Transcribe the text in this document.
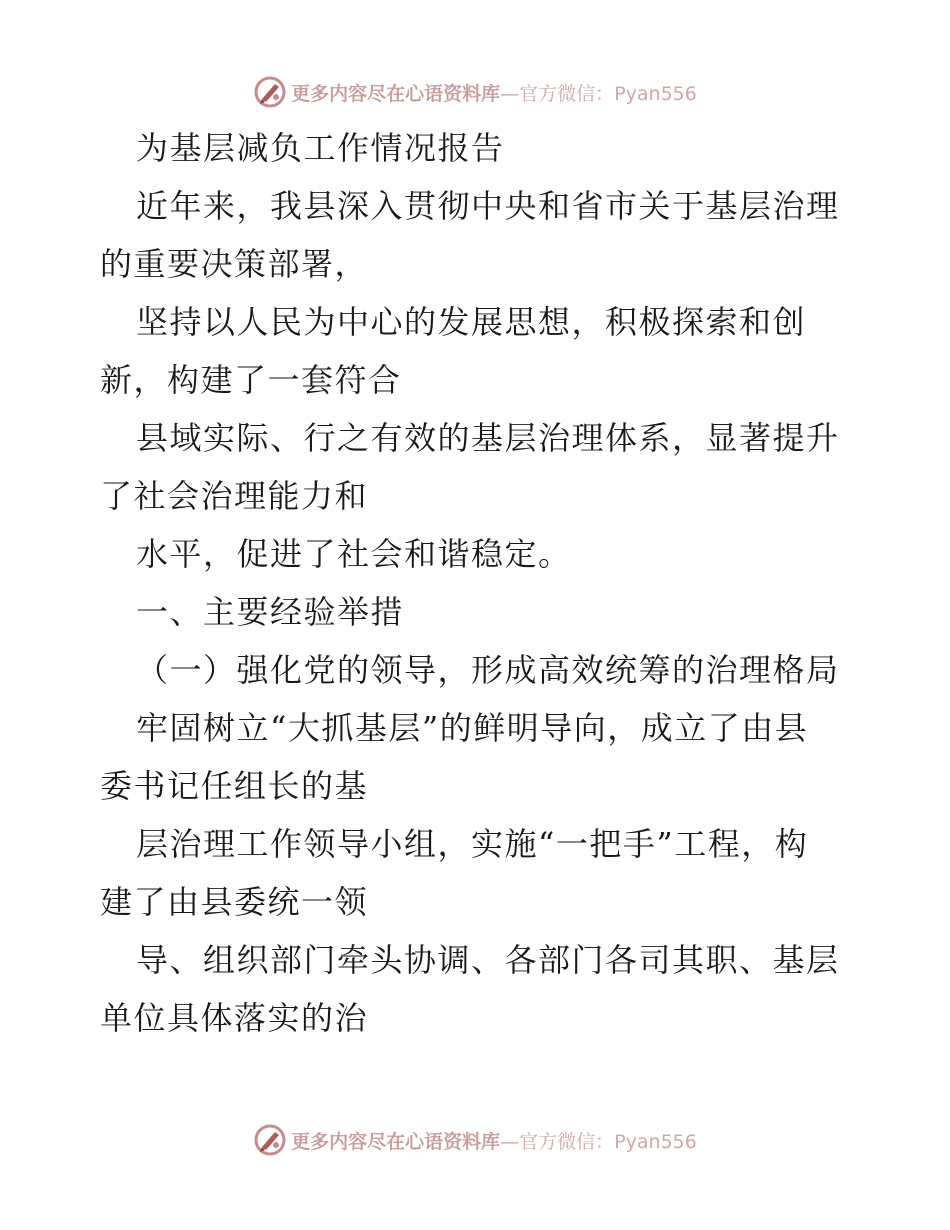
更多内容尽在心语资料库—官方微信：Pyan556
为基层减负工作情况报告
近年来，我县深入贯彻中央和省市关于基层治理
的重要决策部署，
坚持以人民为中心的发展思想，积极探索和创
新，构建了一套符合
县域实际、行之有效的基层治理体系，显著提升
了社会治理能力和
水平，促进了社会和谐稳定。
一、主要经验举措
（一）强化党的领导，形成高效统筹的治理格局
牢固树立“大抓基层”的鲜明导向，成立了由县
委书记任组长的基
层治理工作领导小组，实施“一把手”工程，构
建了由县委统一领
导、组织部门牵头协调、各部门各司其职、基层
单位具体落实的治
更多内容尽在心语资料库—官方微信：Pyan556
